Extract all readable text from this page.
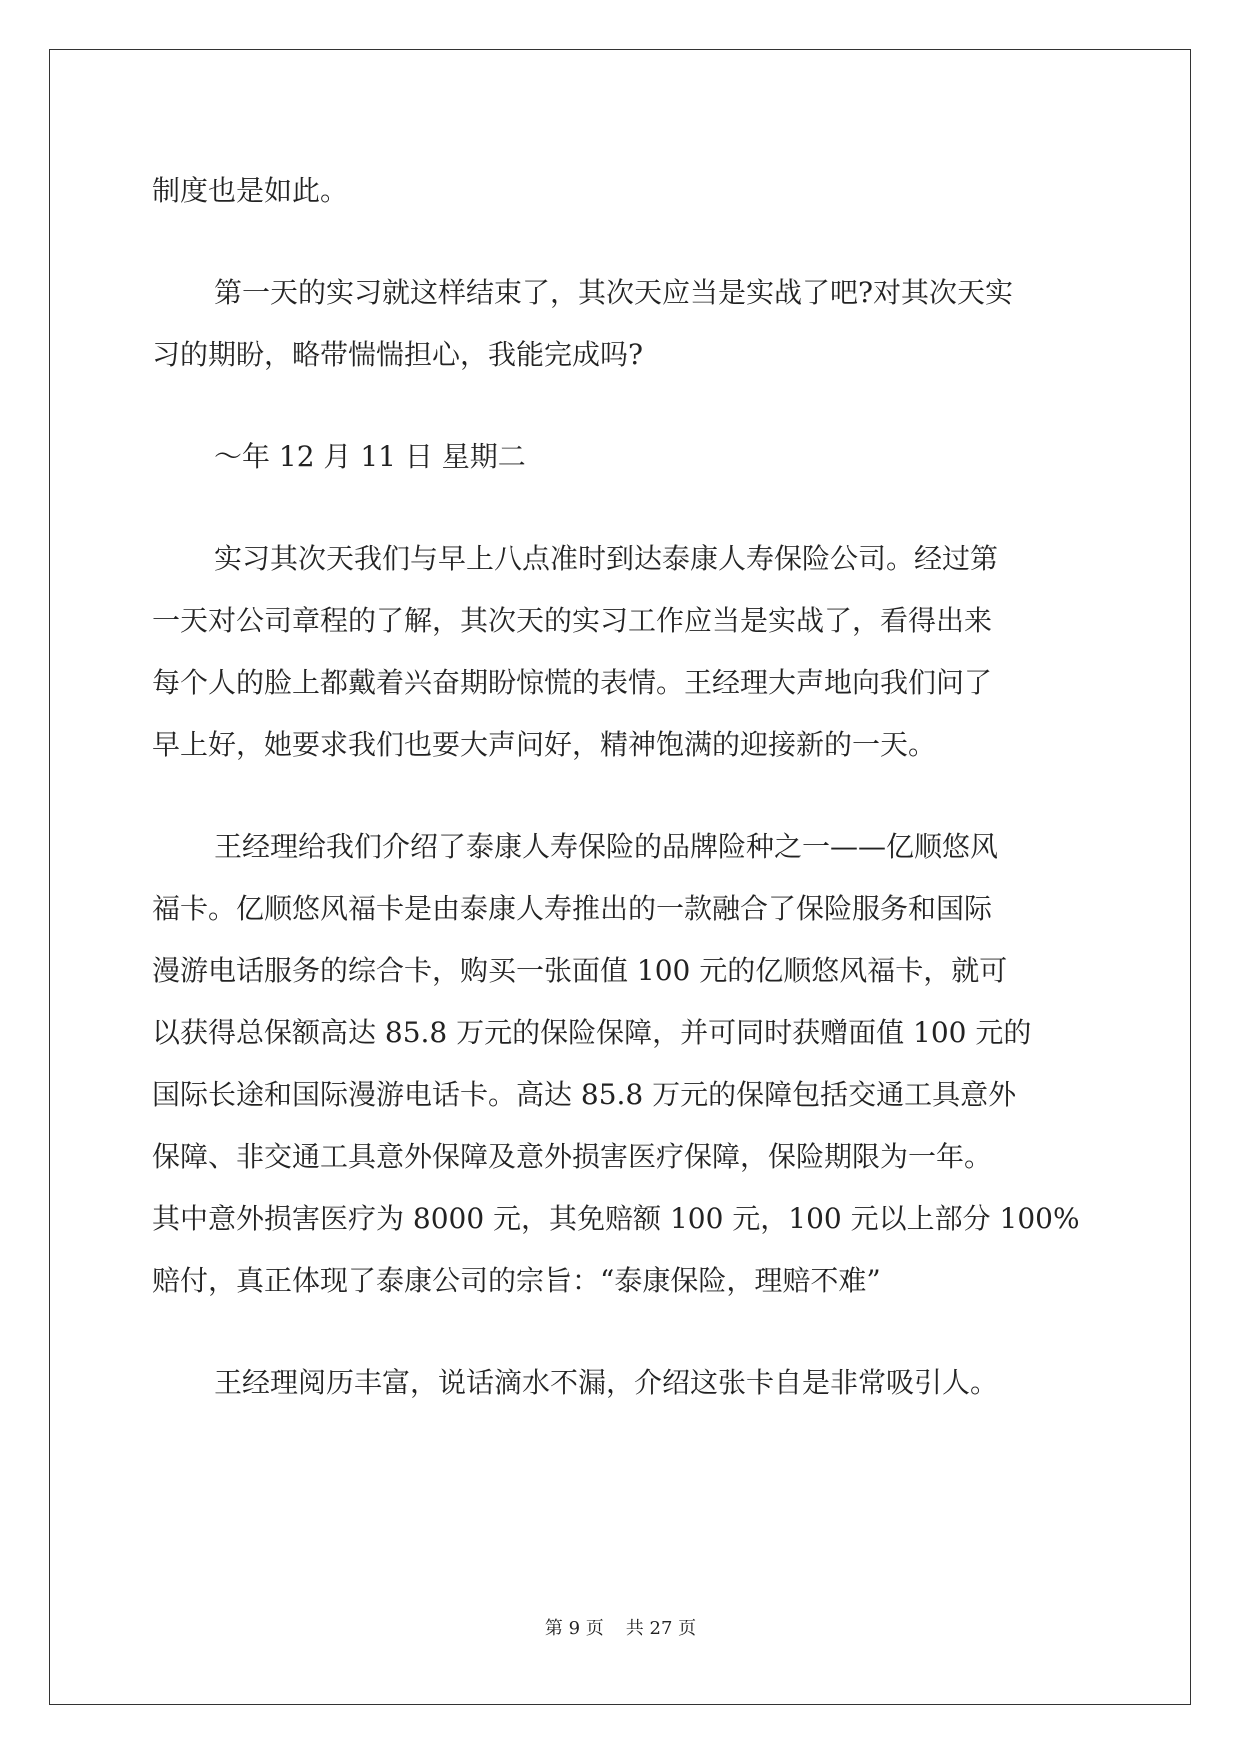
制度也是如此。
第一天的实习就这样结束了，其次天应当是实战了吧?对其次天实
习的期盼，略带惴惴担心，我能完成吗?
～年 12 月 11 日 星期二
实习其次天我们与早上八点准时到达泰康人寿保险公司。经过第
一天对公司章程的了解，其次天的实习工作应当是实战了，看得出来
每个人的脸上都戴着兴奋期盼惊慌的表情。王经理大声地向我们问了
早上好，她要求我们也要大声问好，精神饱满的迎接新的一天。
王经理给我们介绍了泰康人寿保险的品牌险种之一——亿顺悠风
福卡。亿顺悠风福卡是由泰康人寿推出的一款融合了保险服务和国际
漫游电话服务的综合卡，购买一张面值 100 元的亿顺悠风福卡，就可
以获得总保额高达 85.8 万元的保险保障，并可同时获赠面值 100 元的
国际长途和国际漫游电话卡。高达 85.8 万元的保障包括交通工具意外
保障、非交通工具意外保障及意外损害医疗保障，保险期限为一年。
其中意外损害医疗为 8000 元，其免赔额 100 元，100 元以上部分 100%
赔付，真正体现了泰康公司的宗旨：“泰康保险，理赔不难”
王经理阅历丰富，说话滴水不漏，介绍这张卡自是非常吸引人。
第 9 页 共 27 页
